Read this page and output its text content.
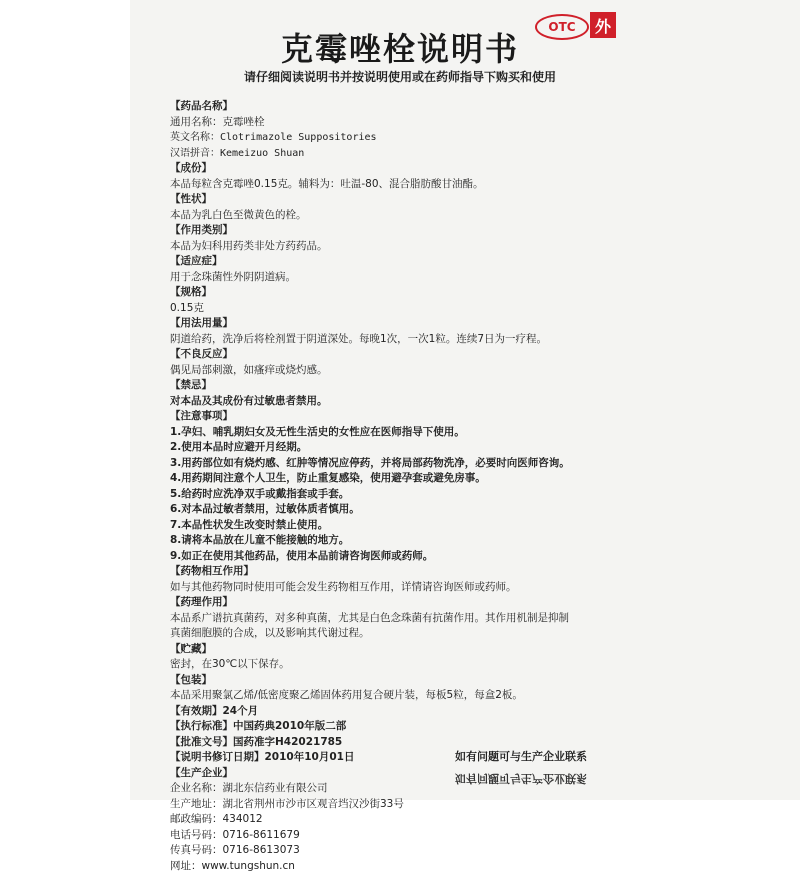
OTC	外
克霉唑栓说明书
请仔细阅读说明书并按说明使用或在药师指导下购买和使用
【药品名称】
通用名称：克霉唑栓
英文名称：Clotrimazole Suppositories
汉语拼音：Kemeizuo Shuan
【成份】
本品每粒含克霉唑0.15克。辅料为：吐温-80、混合脂肪酸甘油酯。
【性状】
本品为乳白色至微黄色的栓。
【作用类别】
本品为妇科用药类非处方药药品。
【适应症】
用于念珠菌性外阴阴道病。
【规格】
0.15克
【用法用量】
阴道给药，洗净后将栓剂置于阴道深处。每晚1次，一次1粒。连续7日为一疗程。
【不良反应】
偶见局部刺激，如瘙痒或烧灼感。
【禁忌】
对本品及其成份有过敏患者禁用。
【注意事项】
1.孕妇、哺乳期妇女及无性生活史的女性应在医师指导下使用。
2.使用本品时应避开月经期。
3.用药部位如有烧灼感、红肿等情况应停药，并将局部药物洗净，必要时向医师咨询。
4.用药期间注意个人卫生，防止重复感染，使用避孕套或避免房事。
5.给药时应洗净双手或戴指套或手套。
6.对本品过敏者禁用，过敏体质者慎用。
7.本品性状发生改变时禁止使用。
8.请将本品放在儿童不能接触的地方。
9.如正在使用其他药品，使用本品前请咨询医师或药师。
【药物相互作用】
如与其他药物同时使用可能会发生药物相互作用，详情请咨询医师或药师。
【药理作用】
本品系广谱抗真菌药，对多种真菌，尤其是白色念珠菌有抗菌作用。其作用机制是抑制
真菌细胞膜的合成，以及影响其代谢过程。
【贮藏】
密封，在30℃以下保存。
【包装】
本品采用聚氯乙烯/低密度聚乙烯固体药用复合硬片装，每板5粒，每盒2板。
【有效期】24个月
【执行标准】中国药典2010年版二部
【批准文号】国药准字H42021785
【说明书修订日期】2010年10月01日
【生产企业】
企业名称：湖北东信药业有限公司
生产地址：湖北省荆州市沙市区观音垱汉沙街33号
邮政编码：434012
电话号码：0716-8611679
传真号码：0716-8613073
网址：www.tungshun.cn
如有问题可与生产企业联系
如有问题可与生产企业联系
